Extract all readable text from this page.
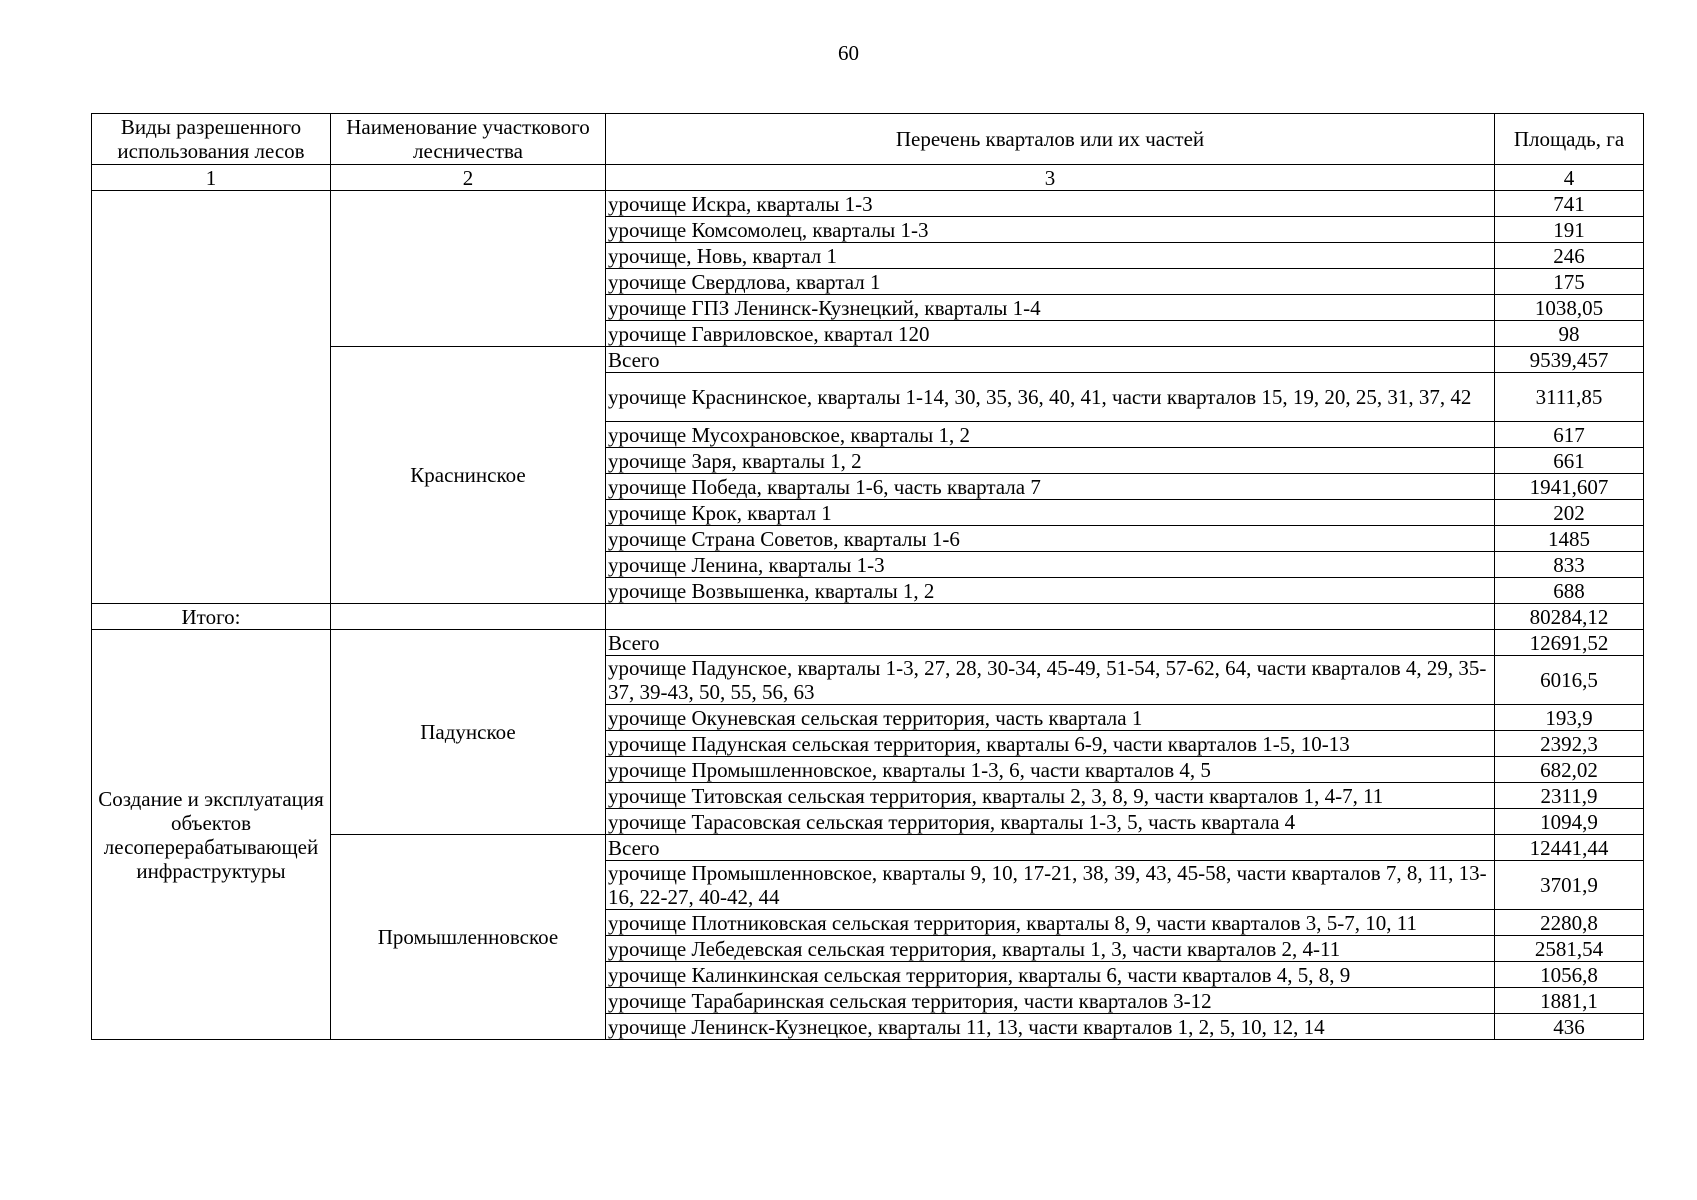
60
Виды разрешенного использования лесов	Наименование участкового лесничества	Перечень кварталов или их частей	Площадь, га
1	2	3	4
		урочище Искра, кварталы 1-3	741
		урочище Комсомолец, кварталы 1-3	191
		урочище, Новь, квартал 1	246
		урочище Свердлова, квартал 1	175
		урочище ГПЗ Ленинск-Кузнецкий, кварталы 1-4	1038,05
		урочище Гавриловское, квартал 120	98
	Краснинское	Всего	9539,457
		урочище Краснинское, кварталы 1-14, 30, 35, 36, 40, 41, части кварталов 15, 19, 20, 25, 31, 37, 42	3111,85
		урочище Мусохрановское, кварталы 1, 2	617
		урочище Заря, кварталы 1, 2	661
		урочище Победа, кварталы 1-6, часть квартала 7	1941,607
		урочище Крок, квартал 1	202
		урочище Страна Советов, кварталы 1-6	1485
		урочище Ленина, кварталы 1-3	833
		урочище Возвышенка, кварталы 1, 2	688
Итого:			80284,12
Создание и эксплуатация объектов лесоперерабатывающей инфраструктуры	Падунское	Всего	12691,52
		урочище Падунское, кварталы 1-3, 27, 28, 30-34, 45-49, 51-54, 57-62, 64, части кварталов 4, 29, 35-37, 39-43, 50, 55, 56, 63	6016,5
		урочище Окуневская сельская территория, часть квартала 1	193,9
		урочище Падунская сельская территория, кварталы 6-9, части кварталов 1-5, 10-13	2392,3
		урочище Промышленновское, кварталы 1-3, 6, части кварталов 4, 5	682,02
		урочище Титовская сельская территория, кварталы 2, 3, 8, 9, части кварталов 1, 4-7, 11	2311,9
		урочище Тарасовская сельская территория, кварталы 1-3, 5, часть квартала 4	1094,9
	Промышленновское	Всего	12441,44
		урочище Промышленновское, кварталы 9, 10, 17-21, 38, 39, 43, 45-58, части кварталов 7, 8, 11, 13-16, 22-27, 40-42, 44	3701,9
		урочище Плотниковская сельская территория, кварталы 8, 9, части кварталов 3, 5-7, 10, 11	2280,8
		урочище Лебедевская сельская территория, кварталы 1, 3, части кварталов 2, 4-11	2581,54
		урочище Калинкинская сельская территория, кварталы 6, части кварталов 4, 5, 8, 9	1056,8
		урочище Тарабаринская сельская территория, части кварталов 3-12	1881,1
		урочище Ленинск-Кузнецкое, кварталы 11, 13, части кварталов 1, 2, 5, 10, 12, 14	436
